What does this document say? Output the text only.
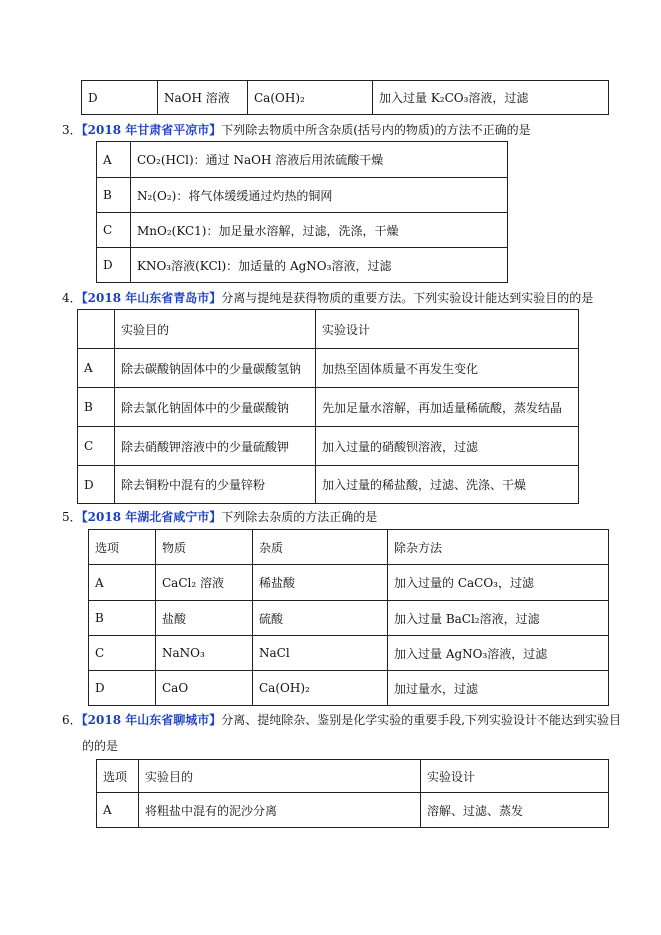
D	NaOH 溶液	Ca(OH)₂	加入过量 K₂CO₃溶液，过滤
3．【2018 年甘肃省平凉市】下列除去物质中所含杂质(括号内的物质)的方法不正确的是
A	CO₂(HCl)：通过 NaOH 溶液后用浓硫酸干燥
B	N₂(O₂)：将气体缓缓通过灼热的铜网
C	MnO₂(KC1)：加足量水溶解，过滤，洗涤，干燥
D	KNO₃溶液(KCl)：加适量的 AgNO₃溶液，过滤
4．【2018 年山东省青岛市】分离与提纯是获得物质的重要方法。下列实验设计能达到实验目的的是
	实验目的	实验设计
A	除去碳酸钠固体中的少量碳酸氢钠	加热至固体质量不再发生变化
B	除去氯化钠固体中的少量碳酸钠	先加足量水溶解，再加适量稀硫酸，蒸发结晶
C	除去硝酸钾溶液中的少量硫酸钾	加入过量的硝酸钡溶液，过滤
D	除去铜粉中混有的少量锌粉	加入过量的稀盐酸，过滤、洗涤、干燥
5．【2018 年湖北省咸宁市】下列除去杂质的方法正确的是
选项	物质	杂质	除杂方法
A	CaCl₂ 溶液	稀盐酸	加入过量的 CaCO₃，过滤
B	盐酸	硫酸	加入过量 BaCl₂溶液，过滤
C	NaNO₃	NaCl	加入过量 AgNO₃溶液，过滤
D	CaO	Ca(OH)₂	加过量水，过滤
6．【2018 年山东省聊城市】分离、提纯除杂、鉴别是化学实验的重要手段,下列实验设计不能达到实验目
的的是
选项	实验目的	实验设计
A	将粗盐中混有的泥沙分离	溶解、过滤、蒸发
